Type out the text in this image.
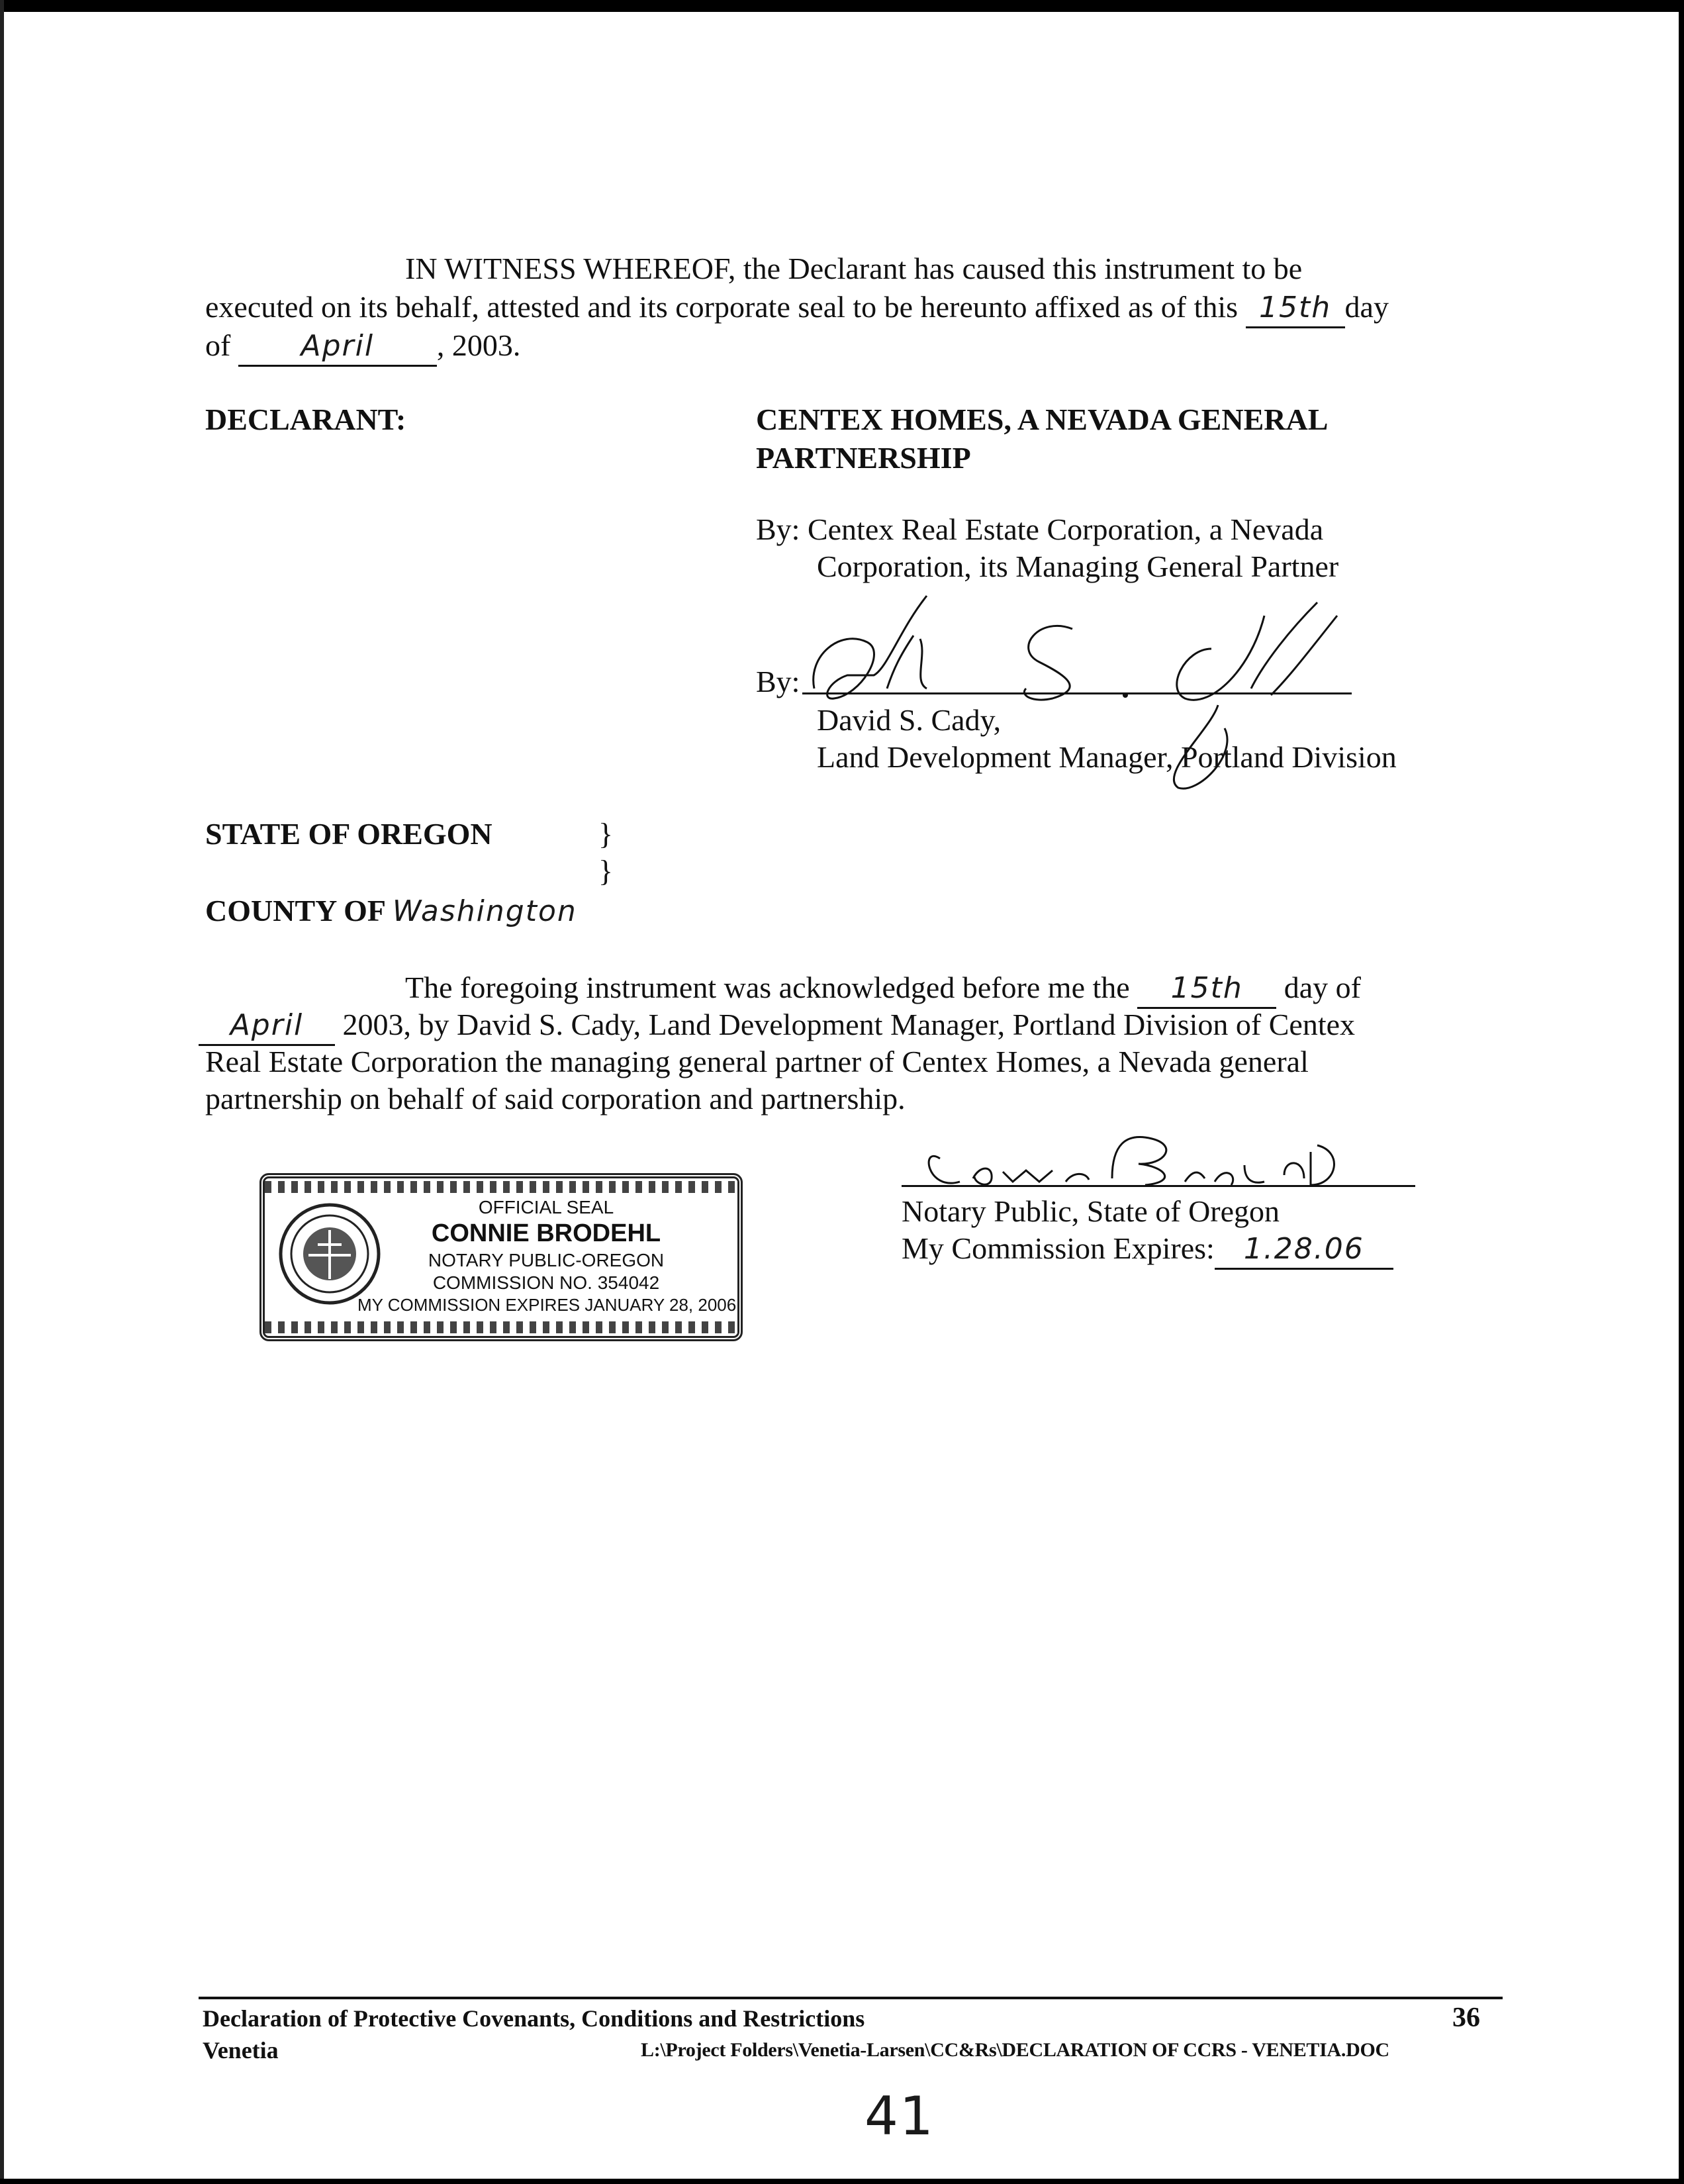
IN WITNESS WHEREOF, the Declarant has caused this instrument to be
executed on its behalf, attested and its corporate seal to be hereunto affixed as of this 15th day
of April , 2003.
DECLARANT:	CENTEX HOMES, A NEVADA GENERAL
PARTNERSHIP
By: Centex Real Estate Corporation, a Nevada
Corporation, its Managing General Partner
By:
David S. Cady,
Land Development Manager, Portland Division
STATE OF OREGON	}
}
COUNTY OF Washington
The foregoing instrument was acknowledged before me the 15th day of
April 2003, by David S. Cady, Land Development Manager, Portland Division of Centex
Real Estate Corporation the managing general partner of Centex Homes, a Nevada general
partnership on behalf of said corporation and partnership.
OFFICIAL SEAL
CONNIE BRODEHL
NOTARY PUBLIC-OREGON
COMMISSION NO. 354042
MY COMMISSION EXPIRES JANUARY 28, 2006
Notary Public, State of Oregon
My Commission Expires: 1.28.06
Declaration of Protective Covenants, Conditions and Restrictions	36
Venetia	L:\Project Folders\Venetia-Larsen\CC&Rs\DECLARATION OF CCRS - VENETIA.DOC
41
